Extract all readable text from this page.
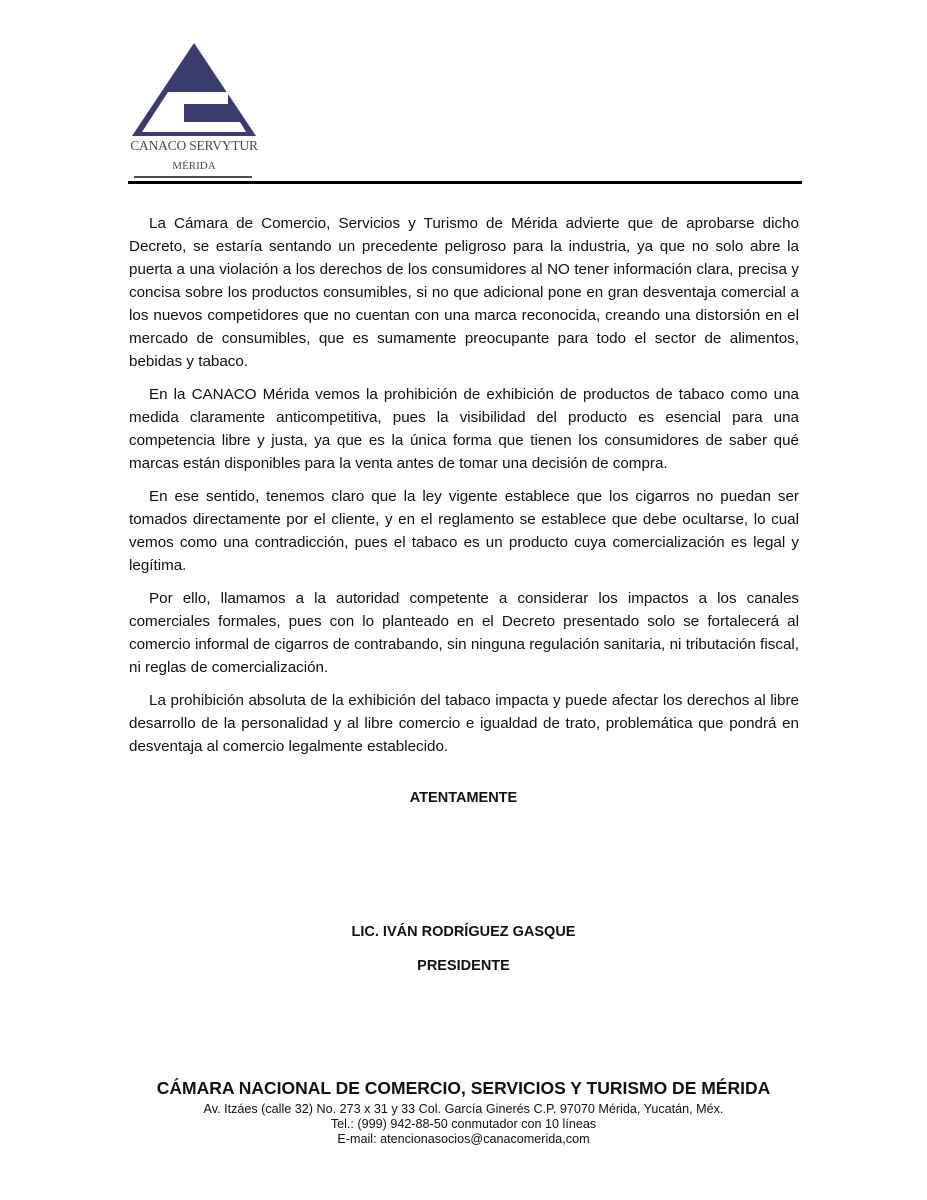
CANACO SERVYTUR
MÉRIDA

La Cámara de Comercio, Servicios y Turismo de Mérida advierte que de aprobarse dicho Decreto, se estaría sentando un precedente peligroso para la industria, ya que no solo abre la puerta a una violación a los derechos de los consumidores al NO tener información clara, precisa y concisa sobre los productos consumibles, si no que adicional pone en gran desventaja comercial a los nuevos competidores que no cuentan con una marca reconocida, creando una distorsión en el mercado de consumibles, que es sumamente preocupante para todo el sector de alimentos, bebidas y tabaco.

En la CANACO Mérida vemos la prohibición de exhibición de productos de tabaco como una medida claramente anticompetitiva, pues la visibilidad del producto es esencial para una competencia libre y justa, ya que es la única forma que tienen los consumidores de saber qué marcas están disponibles para la venta antes de tomar una decisión de compra.

En ese sentido, tenemos claro que la ley vigente establece que los cigarros no puedan ser tomados directamente por el cliente, y en el reglamento se establece que debe ocultarse, lo cual vemos como una contradicción, pues el tabaco es un producto cuya comercialización es legal y legítima.

Por ello, llamamos a la autoridad competente a considerar los impactos a los canales comerciales formales, pues con lo planteado en el Decreto presentado solo se fortalecerá al comercio informal de cigarros de contrabando, sin ninguna regulación sanitaria, ni tributación fiscal, ni reglas de comercialización.

La prohibición absoluta de la exhibición del tabaco impacta y puede afectar los derechos al libre desarrollo de la personalidad y al libre comercio e igualdad de trato, problemática que pondrá en desventaja al comercio legalmente establecido.

ATENTAMENTE
LIC. IVÁN RODRÍGUEZ GASQUE
PRESIDENTE
CÁMARA NACIONAL DE COMERCIO, SERVICIOS Y TURISMO DE MÉRIDA
Av. Itzáes (calle 32) No. 273 x 31 y 33 Col. García Ginerés C.P. 97070 Mérida, Yucatán, Méx.
Tel.: (999) 942-88-50 conmutador con 10 líneas
E-mail: atencionasocios@canacomerida,com
